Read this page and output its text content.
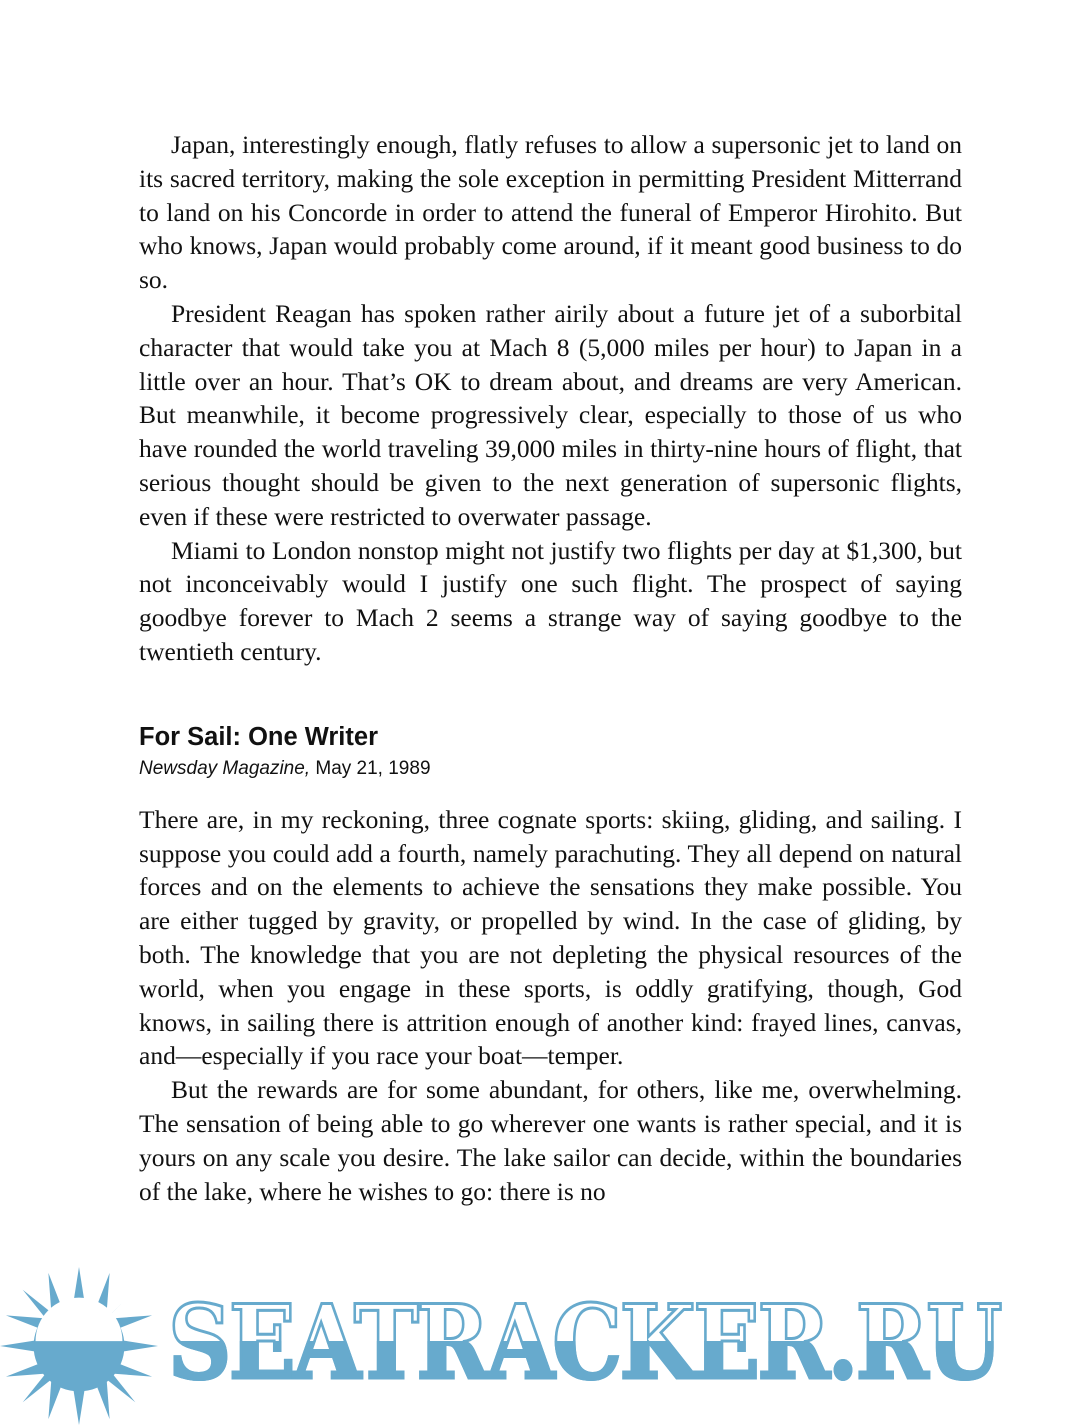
Japan, interestingly enough, flatly refuses to allow a supersonic jet to land on its sacred territory, making the sole exception in permitting President Mitterrand to land on his Concorde in order to attend the funeral of Emperor Hirohito. But who knows, Japan would probably come around, if it meant good business to do so.

President Reagan has spoken rather airily about a future jet of a suborbital character that would take you at Mach 8 (5,000 miles per hour) to Japan in a little over an hour. That’s OK to dream about, and dreams are very American. But meanwhile, it become progressively clear, especially to those of us who have rounded the world traveling 39,000 miles in thirty-nine hours of flight, that serious thought should be given to the next generation of supersonic flights, even if these were restricted to overwater passage.

Miami to London nonstop might not justify two flights per day at $1,300, but not inconceivably would I justify one such flight. The prospect of saying goodbye forever to Mach 2 seems a strange way of saying goodbye to the twentieth century.

For Sail: One Writer
Newsday Magazine, May 21, 1989

There are, in my reckoning, three cognate sports: skiing, gliding, and sailing. I suppose you could add a fourth, namely parachuting. They all depend on natural forces and on the elements to achieve the sensations they make possible. You are either tugged by gravity, or propelled by wind. In the case of gliding, by both. The knowledge that you are not depleting the physical resources of the world, when you engage in these sports, is oddly gratifying, though, God knows, in sailing there is attrition enough of another kind: frayed lines, canvas, and—especially if you race your boat—temper.

But the rewards are for some abundant, for others, like me, overwhelming. The sensation of being able to go wherever one wants is rather special, and it is yours on any scale you desire. The lake sailor can decide, within the boundaries of the lake, where he wishes to go: there is no

SEATRACKER.RU
